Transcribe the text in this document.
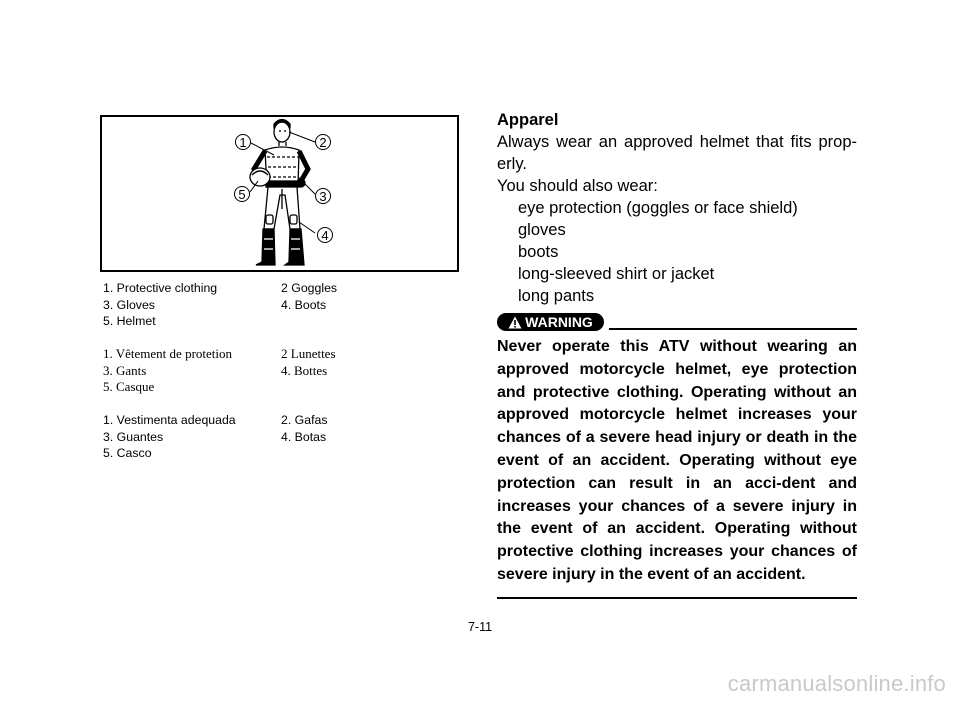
1	2
3
4
5
1. Protective clothing	2 Goggles
3. Gloves	4. Boots
5. Helmet
1. Vêtement de protetion	2 Lunettes
3. Gants	4. Bottes
5. Casque
1. Vestimenta adequada	2. Gafas
3. Guantes	4. Botas
5. Casco
Apparel
Always wear an approved helmet that fits prop-erly.
You should also wear:
eye protection (goggles or face shield)
gloves
boots
long-sleeved shirt or jacket
long pants
WARNING

Never operate this ATV without wearing an approved motorcycle helmet, eye protection and protective clothing. Operating without an approved motorcycle helmet increases your chances of a severe head injury or death in the event of an accident. Operating without eye protection can result in an acci-dent and increases your chances of a severe injury in the event of an accident. Operating without protective clothing increases your chances of severe injury in the event of an accident.

7-11
carmanualsonline.info
